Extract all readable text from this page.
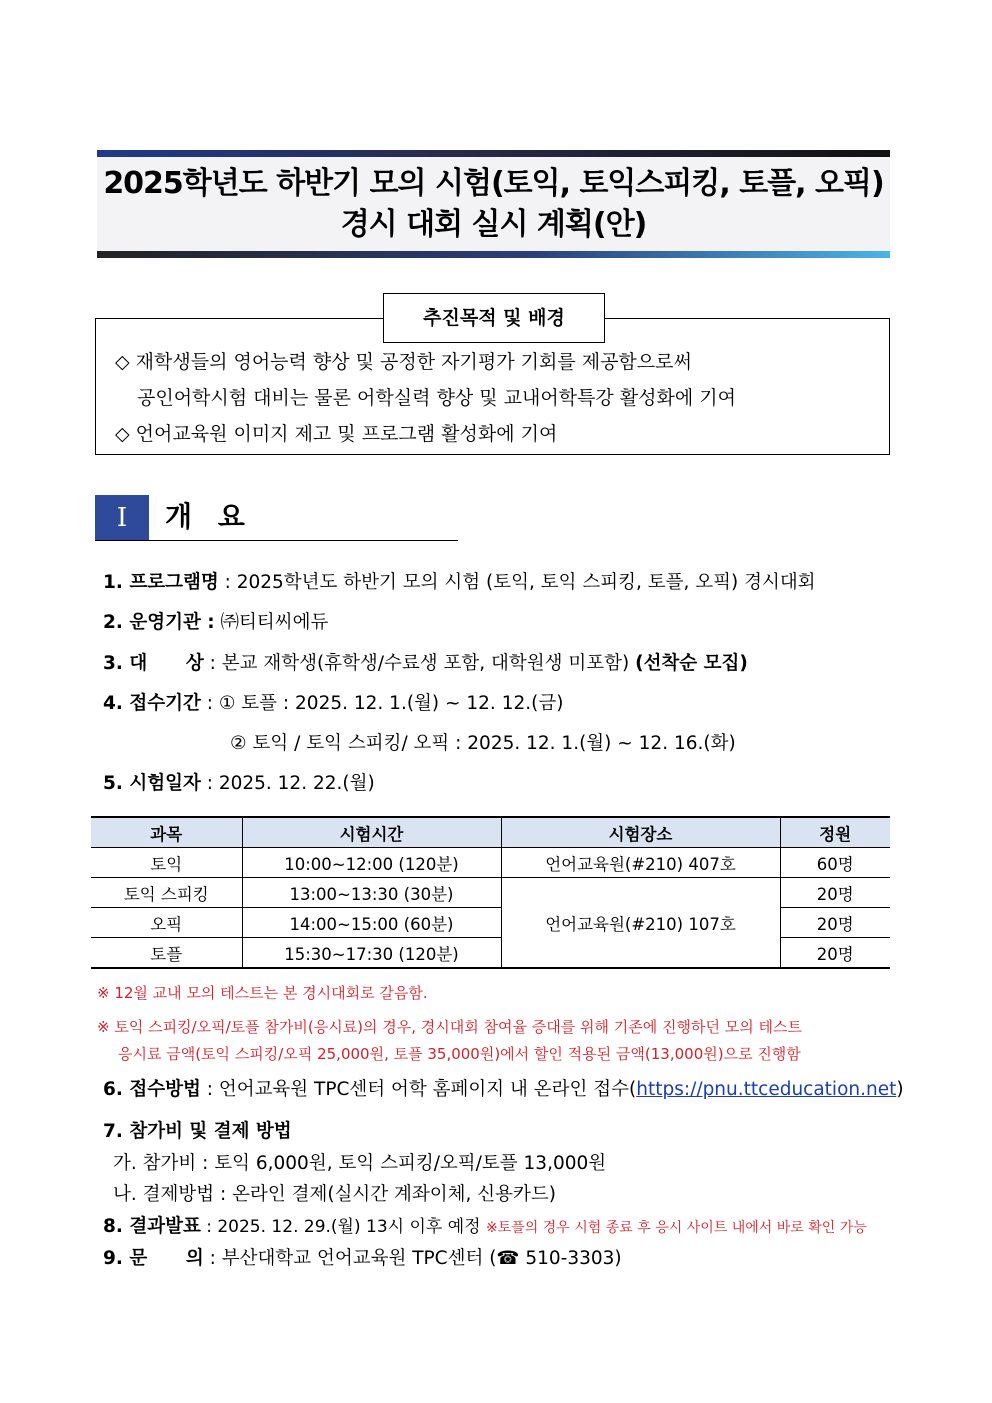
2025학년도 하반기 모의 시험(토익, 토익스피킹, 토플, 오픽)
경시 대회 실시 계획(안)
추진목적 및 배경
◇ 재학생들의 영어능력 향상 및 공정한 자기평가 기회를 제공함으로써
공인어학시험 대비는 물론 어학실력 향상 및 교내어학특강 활성화에 기여
◇ 언어교육원 이미지 제고 및 프로그램 활성화에 기여
Ⅰ	개 요
1. 프로그램명 : 2025학년도 하반기 모의 시험 (토익, 토익 스피킹, 토플, 오픽) 경시대회
2. 운영기관 : ㈜티티씨에듀
3. 대      상 : 본교 재학생(휴학생/수료생 포함, 대학원생 미포함) (선착순 모집)
4. 접수기간 : ① 토플 : 2025. 12. 1.(월) ~ 12. 12.(금)
② 토익 / 토익 스피킹/ 오픽 : 2025. 12. 1.(월) ~ 12. 16.(화)
5. 시험일자 : 2025. 12. 22.(월)
과목	시험시간	시험장소	정원
토익	10:00~12:00 (120분)	언어교육원(#210) 407호	60명
토익 스피킹	13:00~13:30 (30분)	언어교육원(#210) 107호	20명
오픽	14:00~15:00 (60분)		20명
토플	15:30~17:30 (120분)		20명
※ 12월 교내 모의 테스트는 본 경시대회로 갈음함.
※ 토익 스피킹/오픽/토플 참가비(응시료)의 경우, 경시대회 참여율 증대를 위해 기존에 진행하던 모의 테스트
응시료 금액(토익 스피킹/오픽 25,000원, 토플 35,000원)에서 할인 적용된 금액(13,000원)으로 진행함
6. 접수방법 : 언어교육원 TPC센터 어학 홈페이지 내 온라인 접수(https://pnu.ttceducation.net)
7. 참가비 및 결제 방법
가. 참가비 : 토익 6,000원, 토익 스피킹/오픽/토플 13,000원
나. 결제방법 : 온라인 결제(실시간 계좌이체, 신용카드)
8. 결과발표 : 2025. 12. 29.(월) 13시 이후 예정 ※토플의 경우 시험 종료 후 응시 사이트 내에서 바로 확인 가능
9. 문      의 : 부산대학교 언어교육원 TPC센터 (☎ 510-3303)
